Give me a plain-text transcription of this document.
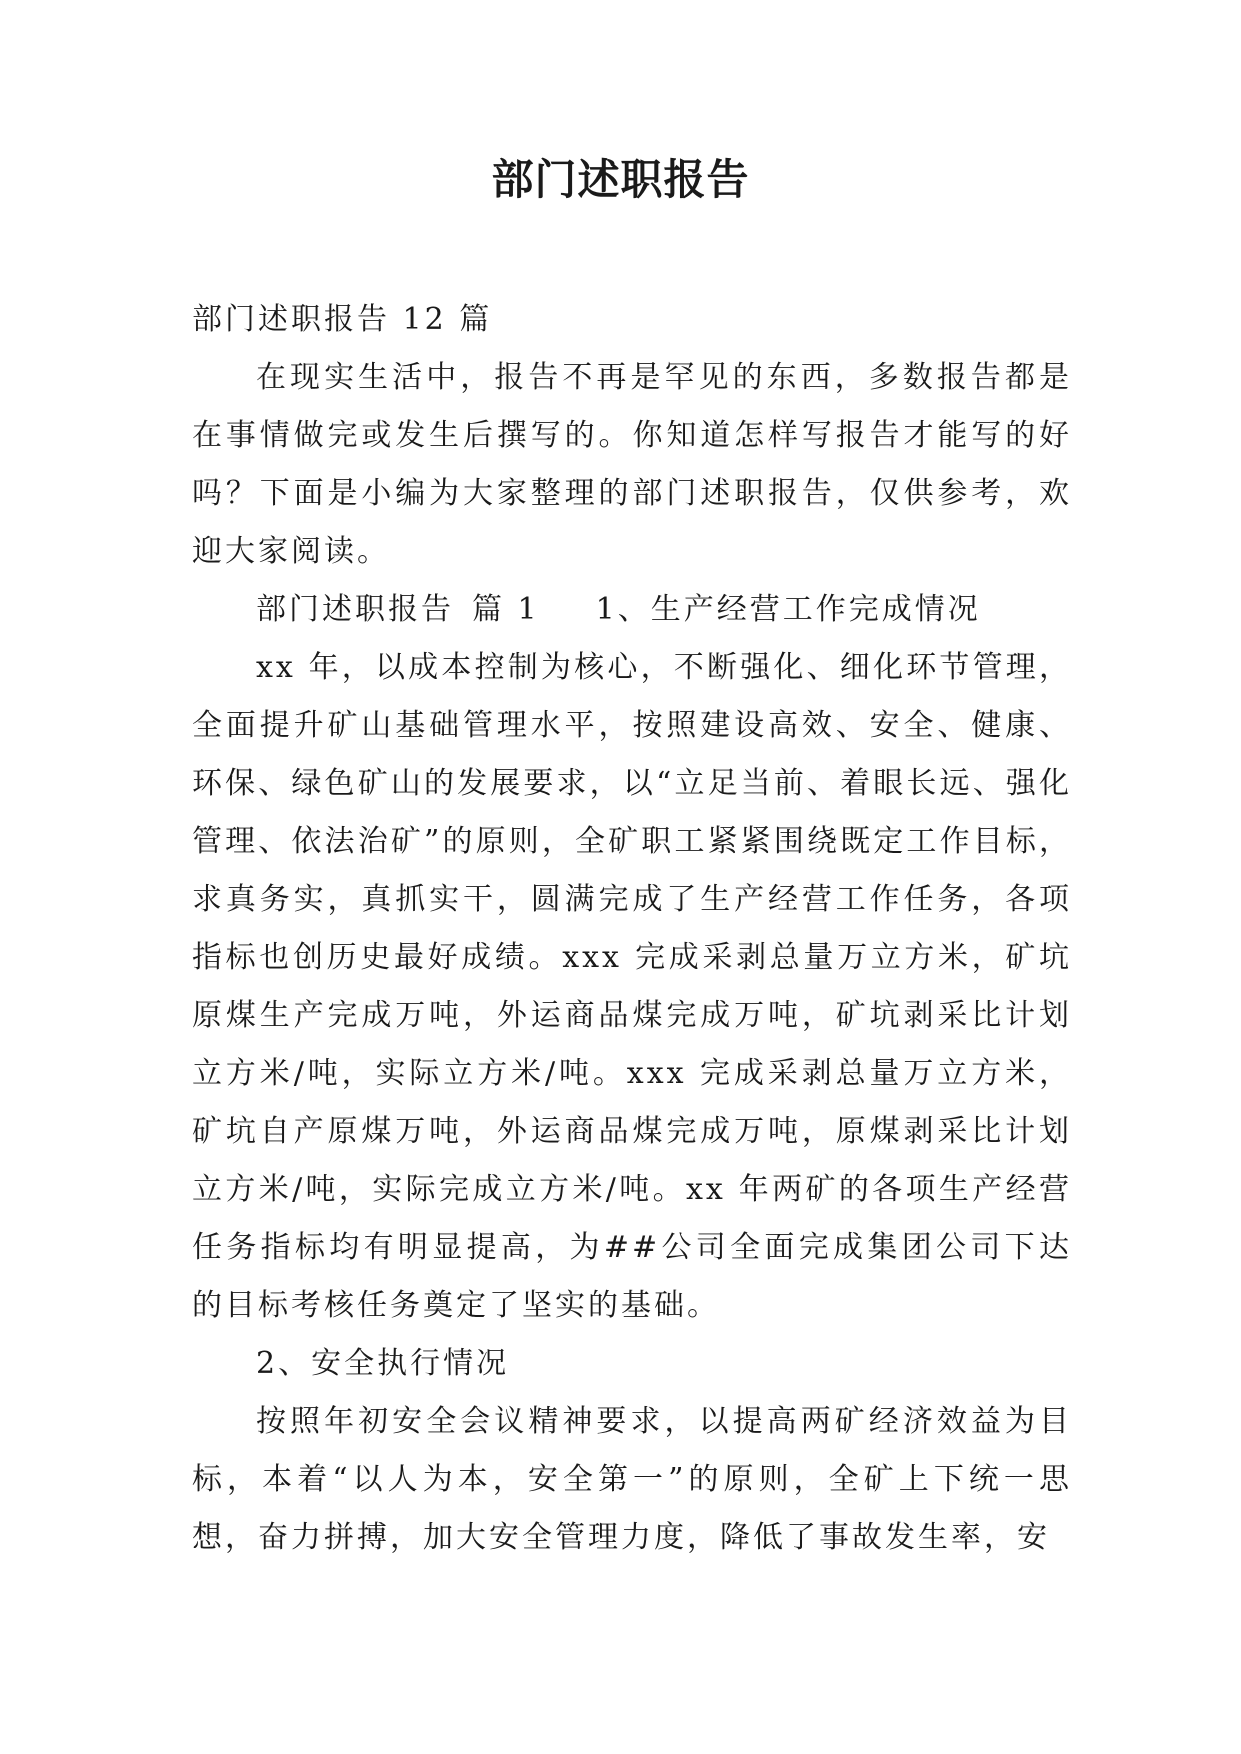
部门述职报告

部门述职报告 12 篇

在现实生活中，报告不再是罕见的东西，多数报告都是在事情做完或发生后撰写的。你知道怎样写报告才能写的好吗？下面是小编为大家整理的部门述职报告，仅供参考，欢迎大家阅读。

部门述职报告 篇 1 1、生产经营工作完成情况

xx 年，以成本控制为核心，不断强化、细化环节管理，全面提升矿山基础管理水平，按照建设高效、安全、健康、环保、绿色矿山的发展要求，以“立足当前、着眼长远、强化管理、依法治矿”的原则，全矿职工紧紧围绕既定工作目标，求真务实，真抓实干，圆满完成了生产经营工作任务，各项指标也创历史最好成绩。xxx 完成采剥总量万立方米，矿坑原煤生产完成万吨，外运商品煤完成万吨，矿坑剥采比计划立方米/吨，实际立方米/吨。xxx 完成采剥总量万立方米，矿坑自产原煤万吨，外运商品煤完成万吨，原煤剥采比计划立方米/吨，实际完成立方米/吨。xx 年两矿的各项生产经营任务指标均有明显提高，为##公司全面完成集团公司下达的目标考核任务奠定了坚实的基础。

2、安全执行情况

按照年初安全会议精神要求，以提高两矿经济效益为目标，本着“以人为本，安全第一”的原则，全矿上下统一思想，奋力拼搏，加大安全管理力度，降低了事故发生率，安
